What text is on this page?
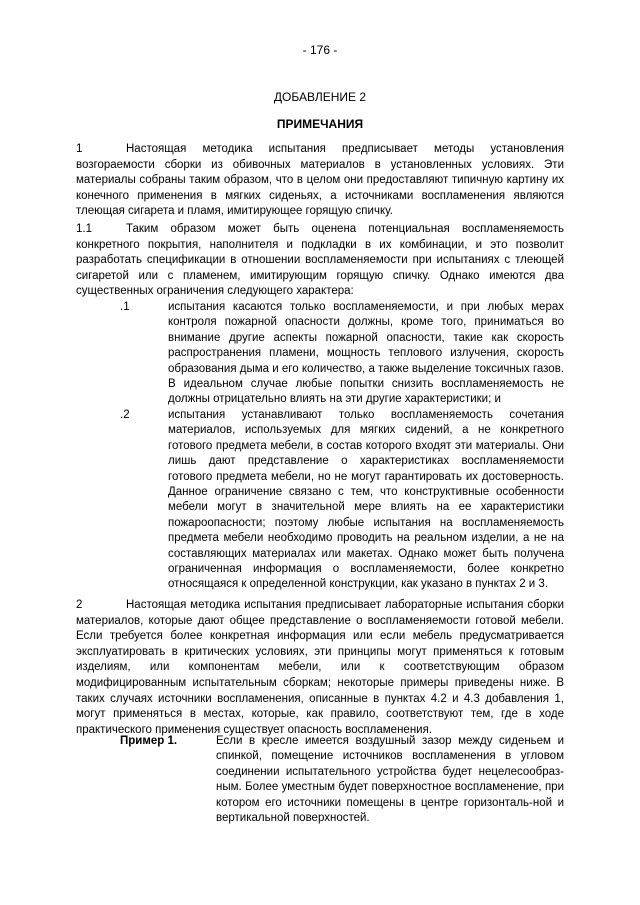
- 176 -
ДОБАВЛЕНИЕ 2
ПРИМЕЧАНИЯ
1	Настоящая методика испытания предписывает методы установления возгораемости сборки из обивочных материалов в установленных условиях. Эти материалы собраны таким образом, что в целом они предоставляют типичную картину их конечного применения в мягких сиденьях, а источниками воспламенения являются тлеющая сигарета и пламя, имитирующее горящую спичку.
1.1	Таким образом может быть оценена потенциальная воспламеняемость конкретного покрытия, наполнителя и подкладки в их комбинации, и это позволит разработать спецификации в отношении воспламеняемости при испытаниях с тлеющей сигаретой или с пламенем, имитирующим горящую спичку. Однако имеются два существенных ограничения следующего характера:
.1	испытания касаются только воспламеняемости, и при любых мерах контроля пожарной опасности должны, кроме того, приниматься во внимание другие аспекты пожарной опасности, такие как скорость распространения пламени, мощность теплового излучения, скорость образования дыма и его количество, а также выделение токсичных газов. В идеальном случае любые попытки снизить воспламеняемость не должны отрицательно влиять на эти другие характеристики; и
.2	испытания устанавливают только воспламеняемость сочетания материалов, используемых для мягких сидений, а не конкретного готового предмета мебели, в состав которого входят эти материалы. Они лишь дают представление о характеристиках воспламеняемости готового предмета мебели, но не могут гарантировать их достоверность. Данное ограничение связано с тем, что конструктивные особенности мебели могут в значительной мере влиять на ее характеристики пожароопасности; поэтому любые испытания на воспламеняемость предмета мебели необходимо проводить на реальном изделии, а не на составляющих материалах или макетах. Однако может быть получена ограниченная информация о воспламеняемости, более конкретно относящаяся к определенной конструкции, как указано в пунктах 2 и 3.
2	Настоящая методика испытания предписывает лабораторные испытания сборки материалов, которые дают общее представление о воспламеняемости готовой мебели. Если требуется более конкретная информация или если мебель предусматривается эксплуатировать в критических условиях, эти принципы могут применяться к готовым изделиям, или компонентам мебели, или к соответствующим образом модифицированным испытательным сборкам; некоторые примеры приведены ниже. В таких случаях источники воспламенения, описанные в пунктах 4.2 и 4.3 добавления 1, могут применяться в местах, которые, как правило, соответствуют тем, где в ходе практического применения существует опасность воспламенения.
Пример 1.	Если в кресле имеется воздушный зазор между сиденьем и спинкой, помещение источников воспламенения в угловом соединении испытательного устройства будет нецелесообраз-ным. Более уместным будет поверхностное воспламенение, при котором его источники помещены в центре горизонталь-ной и вертикальной поверхностей.
